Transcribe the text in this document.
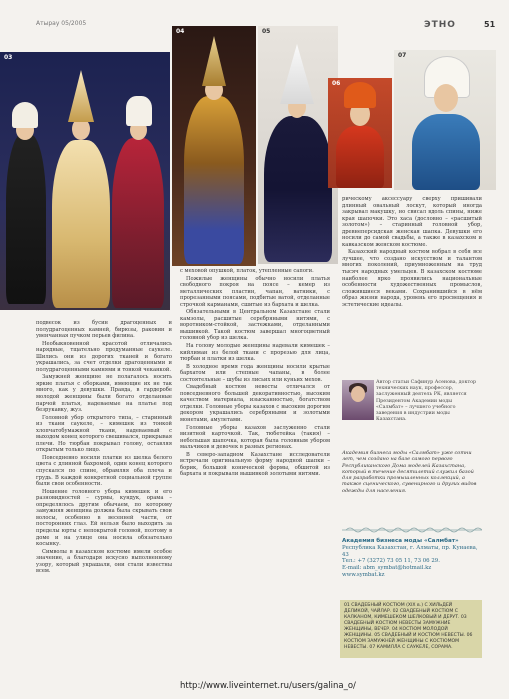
Атырау 05/2005	ЭТНО	51
03
04	05
06
07

подвесок из бусин драгоценных и полудрагоценных камней, бирюзы, раковин и увенчанная пучком перьев филина.

Необыкновенной красотой отличались нарядные, тщательно продуманные саукеле. Шились они из дорогих тканей и богато украшались, за счет отделки драгоценными и полудрагоценными камнями и тонкой чеканкой.

Замужней женщине не полагалось носить яркие платья с оборками, имеющие их не так много, как у девушки. Правда, в гардеробе молодой женщины были богато отделанные парчой платья, надеваемые на платье под безрукавку, жуз.

Головной убор открытого типа, – старинный из ткани саукеле, – кимешек из тонкой хлопчатобумажной ткани, надеваемый с выходом конец которого свешивался, прикрывая плечи. Но тюрбан покрывал голову, оставляя открытым только лицо.

Повседневно носили платки из шелка белого цвета с длинной бахромой, один конец которого спускался по спине, обрамляя оба плеча и грудь. В каждой конкретной социальной группе были свои особенности.

Ношение головного убора кимешек и его разновидностей – сурмы, кундук, орама – определялось другим обычаем, по которому замужняя женщина должна была скрывать свои волосы, особенно в весенней части, от посторонних глаз. Ей нельзя было выходить за пределы юрты с непокрытой головой, поэтому в доме и на улице она носила обязательно косынку.

Символы в казахском костюме имели особое значение, а благодаря искусно выполненному узору, который украшали, они стали известны всем.

с меховой опушкой, платок, утепленные сапоги.

Пожилые женщины обычно носили платья свободного покроя на поясе – кемер из металлических пластин, чапан, ватники, с прорезанными поясами, подбитые ватой, отделанные строчкой карманами, сшитые из бархата и шелка.

Обязательными в Центральном Казахстане стали камзолы, расшитые серебряными нитями, с воротником-стойкой, застежками, отделанными вышивкой. Такой костюм завершал многоцветный головной убор из шелка.

На голову молодые женщины надевали кимешек – кийлиман из белой ткани с прорезью для лица, тюрбан и платки из шелка.

В холодное время года женщины носили крытые бархатом или степные чапаны, в более состоятельные – шубы из лисьих или куньих мехов.

Свадебный костюм невесты отличался от повседневного большей декоративностью, высоким качеством материала, изысканностью, богатством отделки. Головные уборы казахов с высоким дорогим декором украшались серебряными и золотыми монетами, амулетами.

Головные уборы казахов заслуженно стали визитной карточкой. Так, тюбетейка (такия) – небольшая шапочка, которая была головным убором мальчиков и девочек в разных регионах.

В северо-западном Казахстане исследователи встречали оригинальную форму народной шапки – борик, большой конической формы, обшитой из бархата и покрывали вышивкой золотыми нитями.

рическому аксессуару сверху пришивали длинный овальный лоскут, который иногда закрывал макушку, но свисал вдоль спины, ниже края шапочки. Это хаса (дословно – «расшитый золотом») – старинный головной убор, древнеперсидская женская шапка. Девушки его носили до самой свадьбы, а также в казахском и кавказском женском костюме.

Казахский народный костюм вобрал в себя все лучшее, что создано искусством и талантом многих поколений, приумноженным на труд тысяч народных умельцев. В казахском костюме наиболее ярко проявились национальные особенности художественных промыслов, сложившиеся веками. Сохранившийся в нём образ жизни народа, уровень его просвещения и эстетические идеалы.

Автор статьи Сафинур Асенова, доктор технических наук, профессор, заслуженный деятель РК, является Президентом Академии моды «Салмбат» – лучшего учебного заведения в индустрии моды Казахстана.
Академия бизнеса моды «Салмбат» уже сотни лет, чем создано на базе самого первого Республиканского Дома моделей Казахстана, который в течение десятилетий служил базой для разработки промышленных коллекций, а также сценического, сувенирного и других видов одежды для населения.
Академия бизнеса моды «Салмбат»
Республика Казахстан, г. Алматы, пр. Кунаева, 43
Тел.: +7 (3272) 73 05 11, 73 06 29.
E-mail: abm_symbat@hotmail.kz
www.symbat.kz
01 СВАДЕБНЫЙ КОСТЮМ (ХIХ в.) С ХИЛЬДЕЙ ДЕЛИКОЙ, ЧАЙЛАР. 02 СВАДЕБНЫЙ КОСТЮМ С КАЛКАНОМ, КИМЕШЕКОМ ШЕЛКОВЫЙ И ДЕРУТ. 03 СВАДЕБНЫЙ КОСТЮМ НЕВЕСТЫ ЗАМУЖНИЕ ЖЕНЩИНЫ, ВЕЧЕР. 04 КОСТЮМ МОЛОДОЙ ЖЕНЩИНЫ. 05 СВАДЕБНЫЙ И КОСТЮМ НЕВЕСТЫ. 06 КОСТЮМ ЗАМУЖНЕЙ ЖЕНЩИНЫ С КОСТЮМОМ НЕВЕСТЫ. 07 КАМИЛЛА С САУКЕЛЕ, СОРАМА.
http://www.liveinternet.ru/users/galina_o/
